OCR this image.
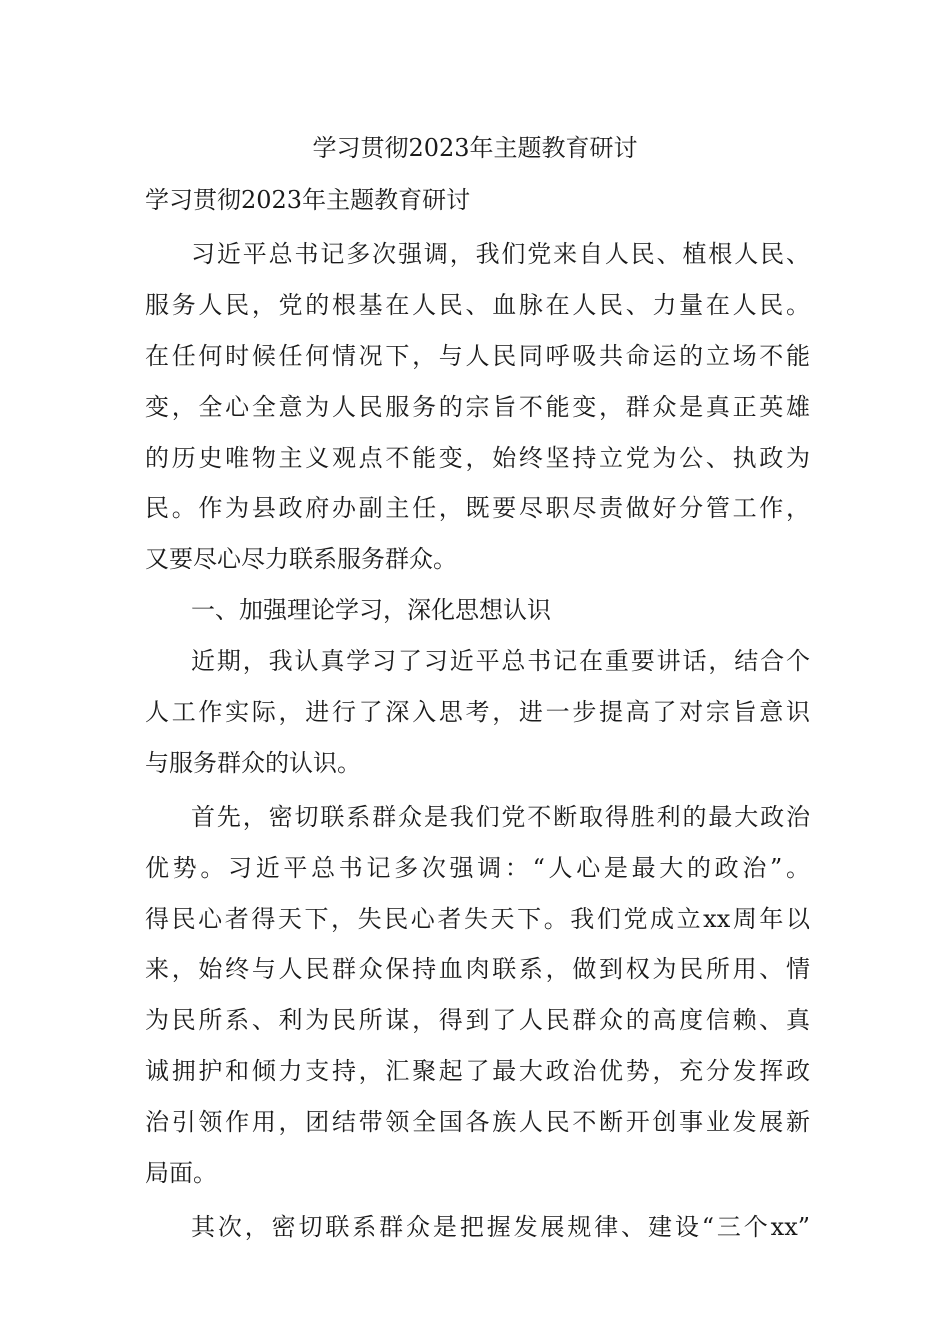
学习贯彻2023年主题教育研讨
学习贯彻2023年主题教育研讨
习近平总书记多次强调，我们党来自人民、植根人民、
服务人民，党的根基在人民、血脉在人民、力量在人民。
在任何时候任何情况下，与人民同呼吸共命运的立场不能
变，全心全意为人民服务的宗旨不能变，群众是真正英雄
的历史唯物主义观点不能变，始终坚持立党为公、执政为
民。作为县政府办副主任，既要尽职尽责做好分管工作，
又要尽心尽力联系服务群众。
一、加强理论学习，深化思想认识
近期，我认真学习了习近平总书记在重要讲话，结合个
人工作实际，进行了深入思考，进一步提高了对宗旨意识
与服务群众的认识。
首先，密切联系群众是我们党不断取得胜利的最大政治
优势。习近平总书记多次强调：“人心是最大的政治”。
得民心者得天下，失民心者失天下。我们党成立xx周年以
来，始终与人民群众保持血肉联系，做到权为民所用、情
为民所系、利为民所谋，得到了人民群众的高度信赖、真
诚拥护和倾力支持，汇聚起了最大政治优势，充分发挥政
治引领作用，团结带领全国各族人民不断开创事业发展新
局面。
其次，密切联系群众是把握发展规律、建设“三个xx”
